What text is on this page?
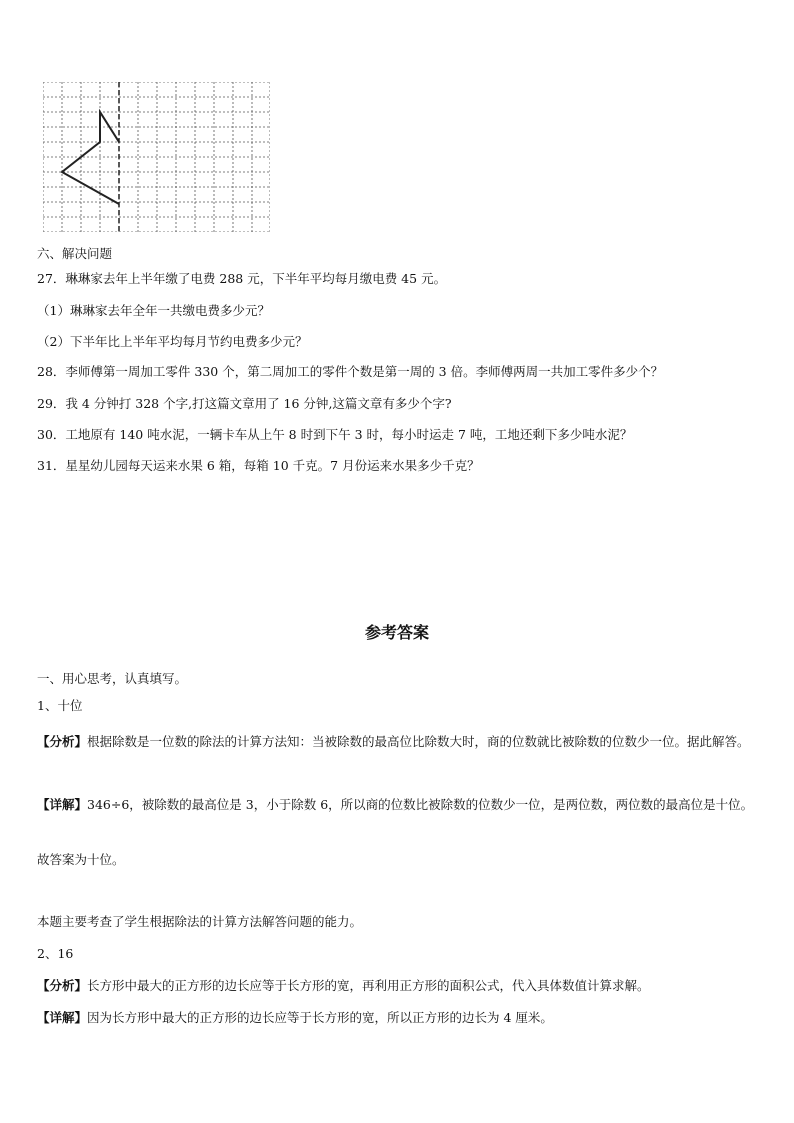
六、解决问题
27．琳琳家去年上半年缴了电费 288 元，下半年平均每月缴电费 45 元。
（1）琳琳家去年全年一共缴电费多少元？
（2）下半年比上半年平均每月节约电费多少元？
28．李师傅第一周加工零件 330 个，第二周加工的零件个数是第一周的 3 倍。李师傅两周一共加工零件多少个？
29．我 4 分钟打 328 个字,打这篇文章用了 16 分钟,这篇文章有多少个字?
30．工地原有 140 吨水泥，一辆卡车从上午 8 时到下午 3 时，每小时运走 7 吨，工地还剩下多少吨水泥？
31．星星幼儿园每天运来水果 6 箱，每箱 10 千克。7 月份运来水果多少千克？
参考答案
一、用心思考，认真填写。
1、十位
【分析】根据除数是一位数的除法的计算方法知：当被除数的最高位比除数大时，商的位数就比被除数的位数少一位。据此解答。
【详解】346÷6，被除数的最高位是 3，小于除数 6，所以商的位数比被除数的位数少一位，是两位数，两位数的最高位是十位。
故答案为十位。
本题主要考查了学生根据除法的计算方法解答问题的能力。
2、16
【分析】长方形中最大的正方形的边长应等于长方形的宽，再利用正方形的面积公式，代入具体数值计算求解。
【详解】因为长方形中最大的正方形的边长应等于长方形的宽，所以正方形的边长为 4 厘米。
